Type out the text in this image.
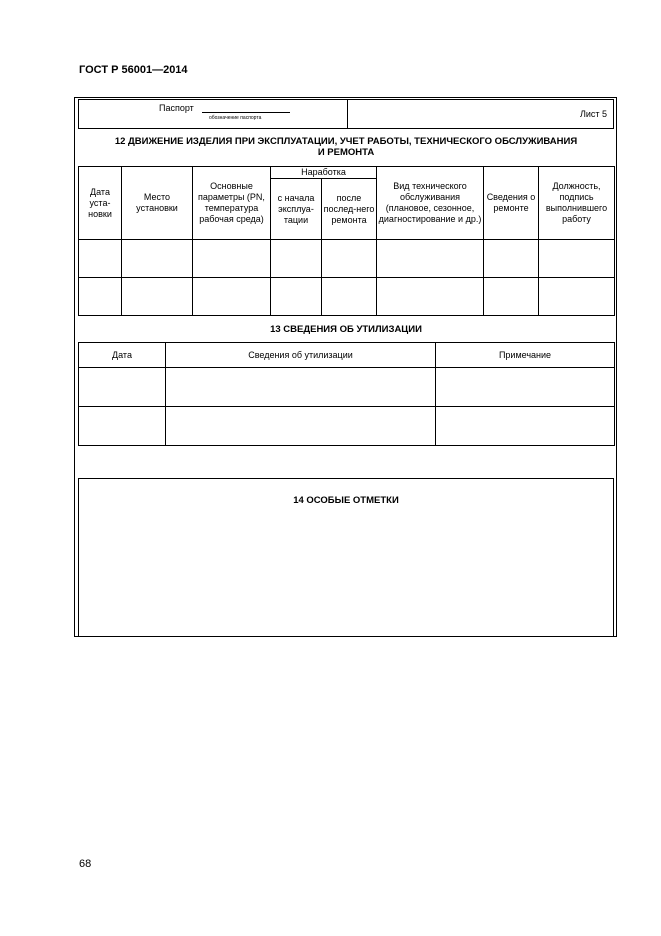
ГОСТ Р 56001—2014
Паспорт
обозначение паспорта	Лист 5
12 ДВИЖЕНИЕ ИЗДЕЛИЯ ПРИ ЭКСПЛУАТАЦИИ, УЧЕТ РАБОТЫ, ТЕХНИЧЕСКОГО ОБСЛУЖИВАНИЯ
И РЕМОНТА
Дата уста-новки	Место установки	Основные параметры (PN, температура рабочая среда)	Наработка		Вид технического обслуживания (плановое, сезонное, диагностирование и др.)	Сведения о ремонте	Должность, подпись выполнившего работу
			с начала эксплуа-тации	после послед-него ремонта			

13 СВЕДЕНИЯ ОБ УТИЛИЗАЦИИ
Дата	Сведения об утилизации	Примечание

14 ОСОБЫЕ ОТМЕТКИ
68
